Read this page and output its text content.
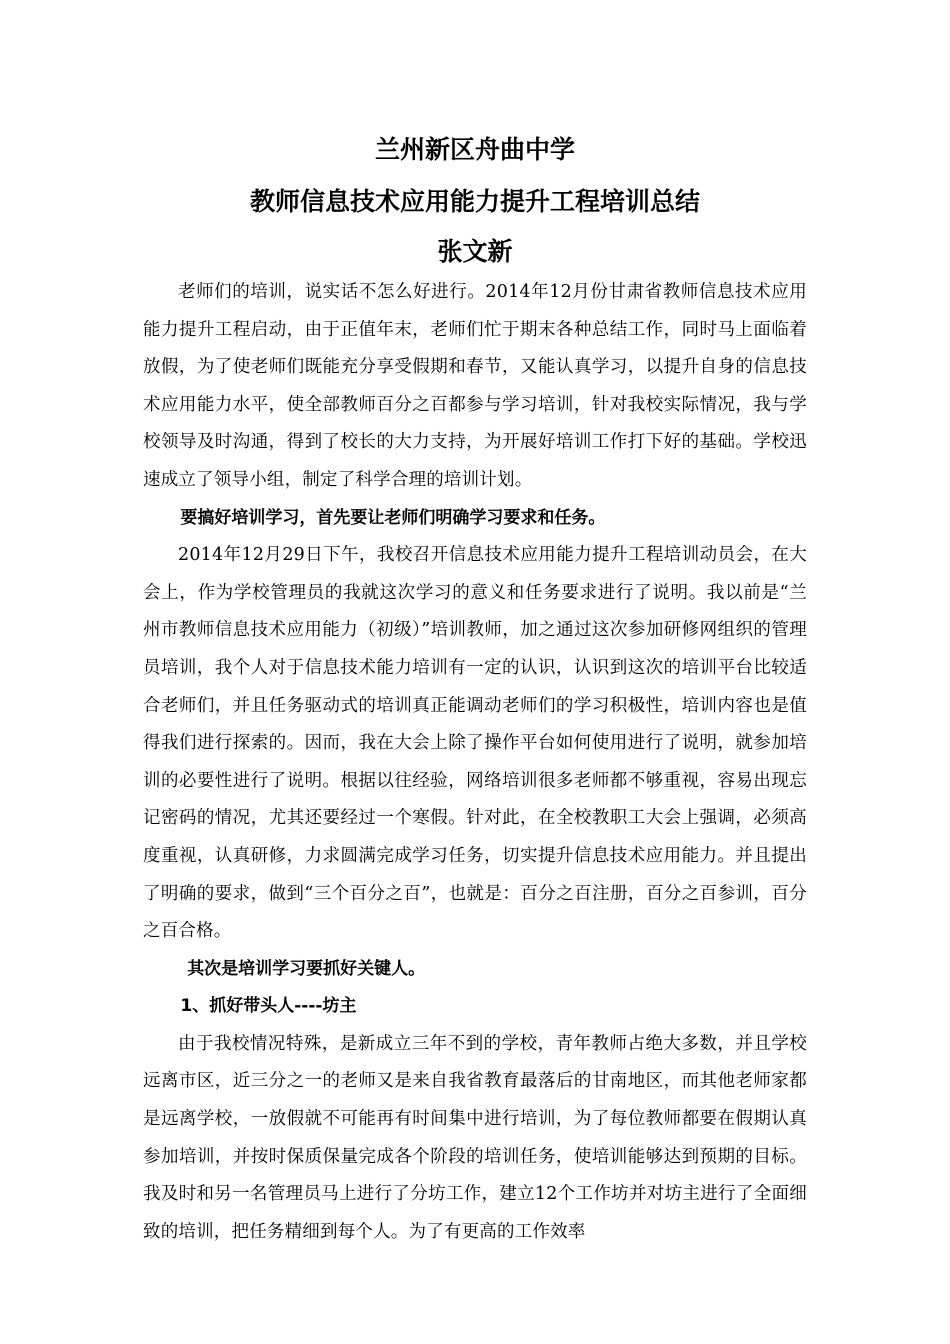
兰州新区舟曲中学
教师信息技术应用能力提升工程培训总结
张文新

老师们的培训，说实话不怎么好进行。2014年12月份甘肃省教师信息技术应用能力提升工程启动，由于正值年末，老师们忙于期末各种总结工作，同时马上面临着放假，为了使老师们既能充分享受假期和春节，又能认真学习，以提升自身的信息技术应用能力水平，使全部教师百分之百都参与学习培训，针对我校实际情况，我与学校领导及时沟通，得到了校长的大力支持，为开展好培训工作打下好的基础。学校迅速成立了领导小组，制定了科学合理的培训计划。

要搞好培训学习，首先要让老师们明确学习要求和任务。

2014年12月29日下午，我校召开信息技术应用能力提升工程培训动员会，在大会上，作为学校管理员的我就这次学习的意义和任务要求进行了说明。我以前是“兰州市教师信息技术应用能力（初级）”培训教师，加之通过这次参加研修网组织的管理员培训，我个人对于信息技术能力培训有一定的认识，认识到这次的培训平台比较适合老师们，并且任务驱动式的培训真正能调动老师们的学习积极性，培训内容也是值得我们进行探索的。因而，我在大会上除了操作平台如何使用进行了说明，就参加培训的必要性进行了说明。根据以往经验，网络培训很多老师都不够重视，容易出现忘记密码的情况，尤其还要经过一个寒假。针对此，在全校教职工大会上强调，必须高度重视，认真研修，力求圆满完成学习任务，切实提升信息技术应用能力。并且提出了明确的要求，做到“三个百分之百”，也就是：百分之百注册，百分之百参训，百分之百合格。

其次是培训学习要抓好关键人。

1、抓好带头人----坊主

由于我校情况特殊，是新成立三年不到的学校，青年教师占绝大多数，并且学校远离市区，近三分之一的老师又是来自我省教育最落后的甘南地区，而其他老师家都是远离学校，一放假就不可能再有时间集中进行培训，为了每位教师都要在假期认真参加培训，并按时保质保量完成各个阶段的培训任务，使培训能够达到预期的目标。我及时和另一名管理员马上进行了分坊工作，建立12个工作坊并对坊主进行了全面细致的培训，把任务精细到每个人。为了有更高的工作效率
